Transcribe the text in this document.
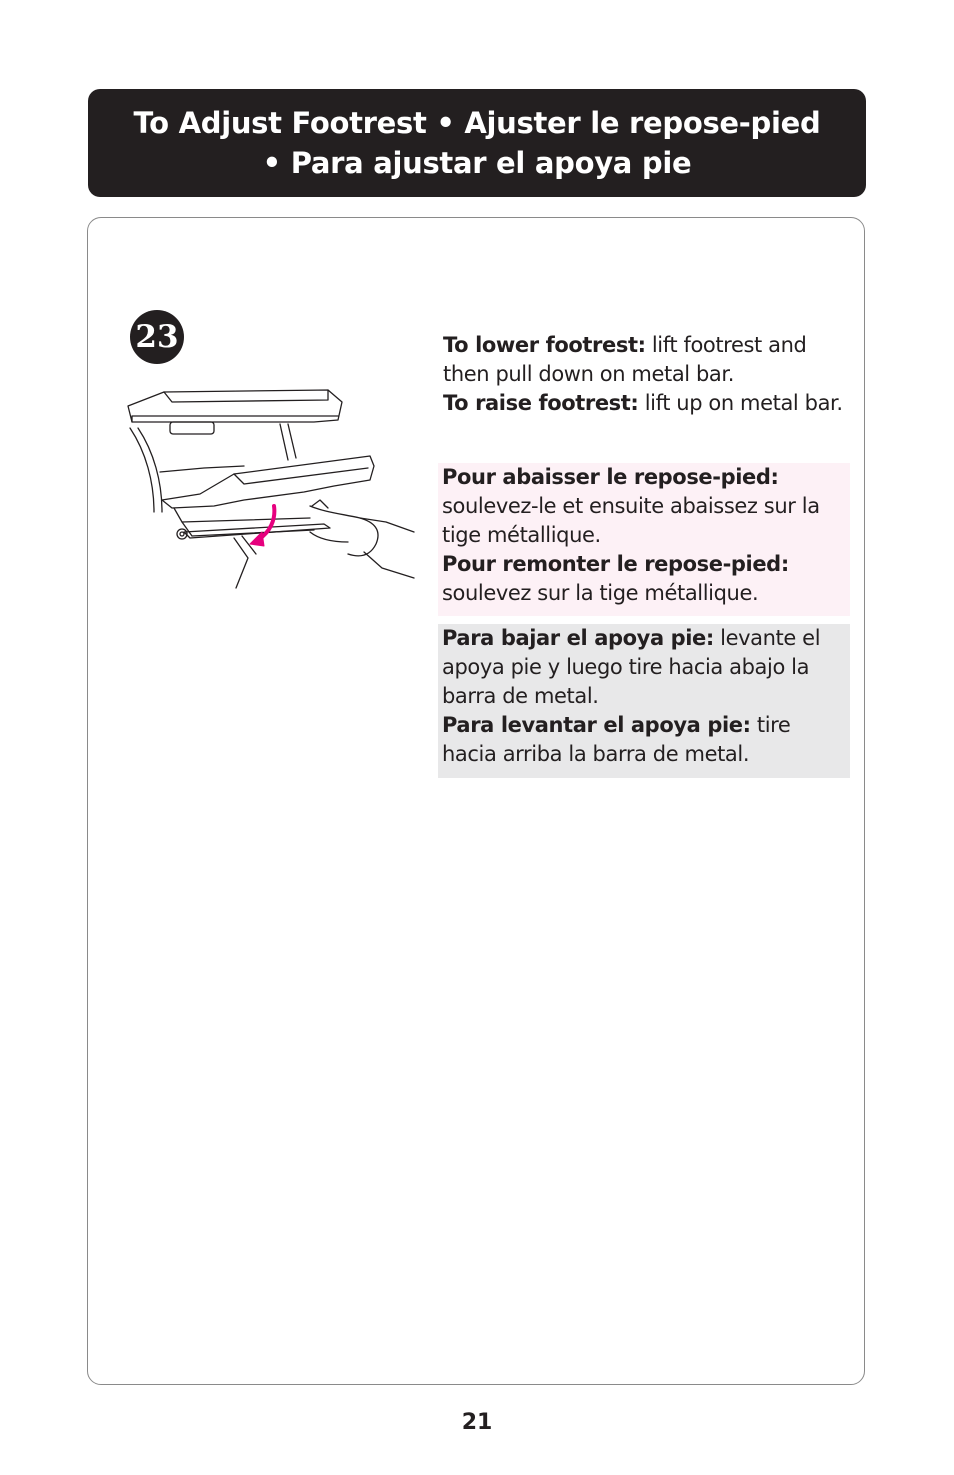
To Adjust Footrest • Ajuster le repose-pied
• Para ajustar el apoya pie
23	To lower footrest: lift footrest and then pull down on metal bar.

To raise footrest: lift up on metal bar.

Pour abaisser le repose-pied: soulevez-le et ensuite abaissez sur la tige métallique.

Pour remonter le repose-pied: soulevez sur la tige métallique.

Para bajar el apoya pie: levante el apoya pie y luego tire hacia abajo la barra de metal.

Para levantar el apoya pie: tire hacia arriba la barra de metal.

21
